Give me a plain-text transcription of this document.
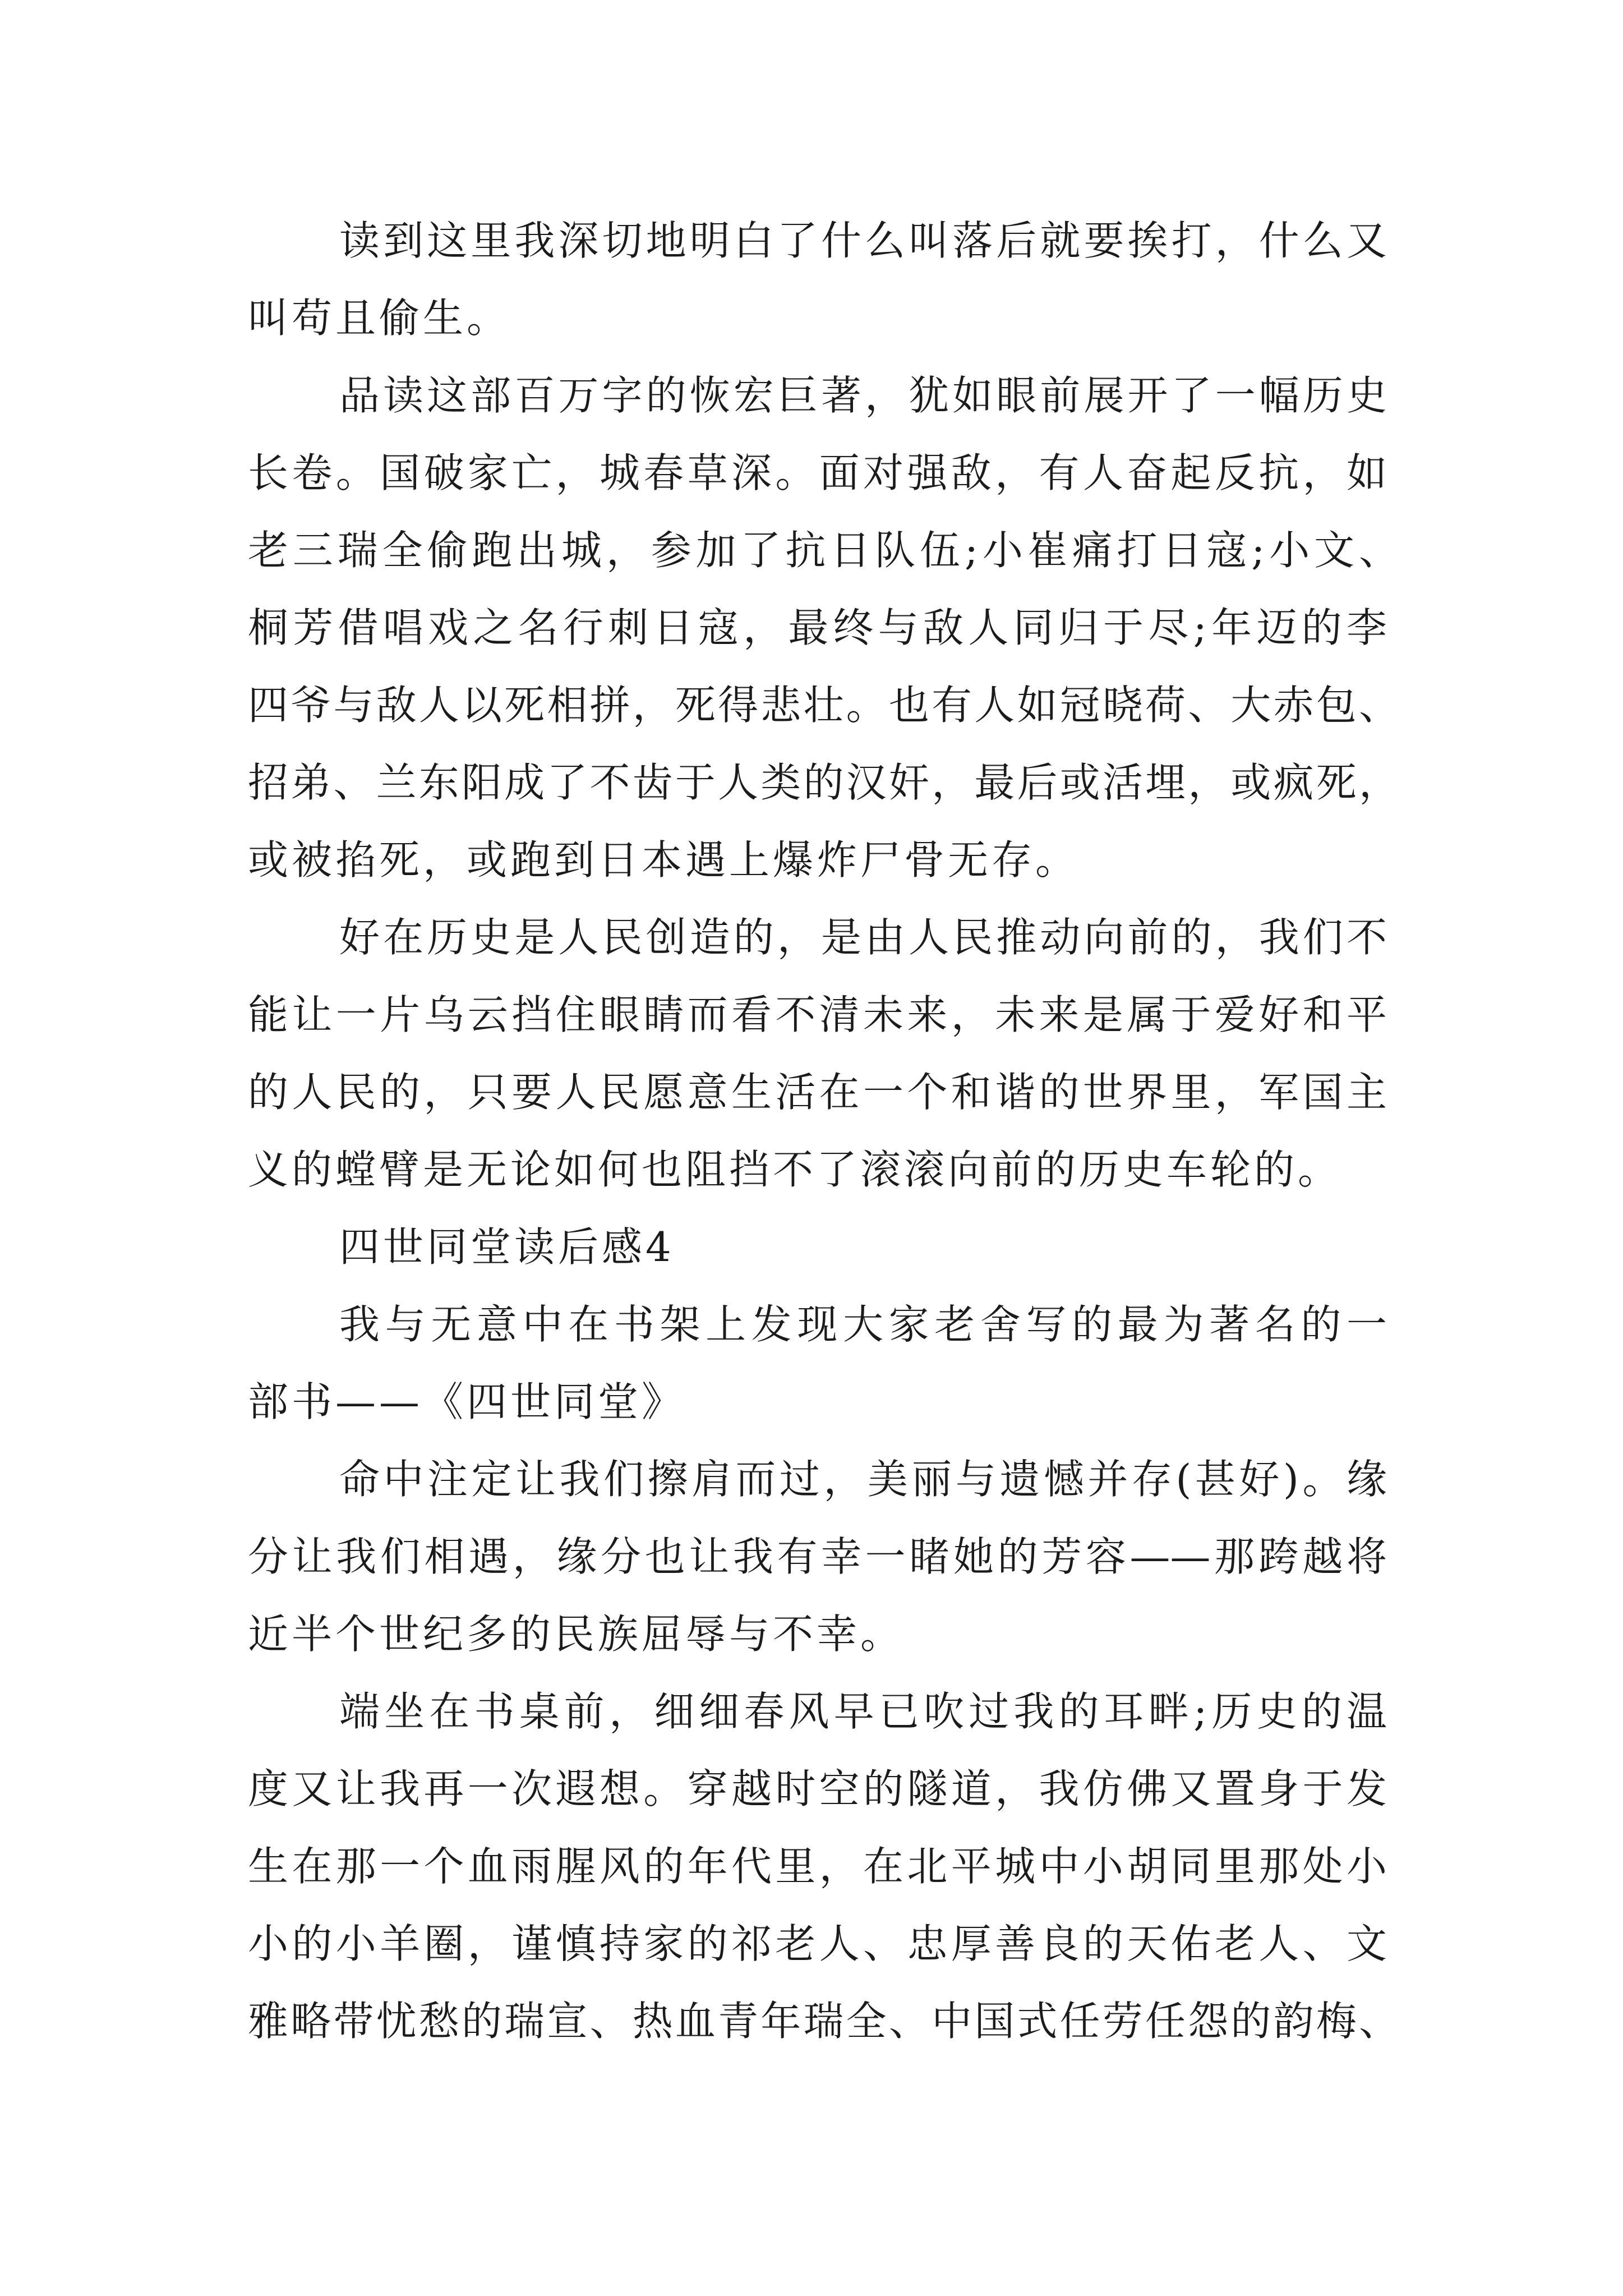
读到这里我深切地明白了什么叫落后就要挨打，什么又
叫苟且偷生。
品读这部百万字的恢宏巨著，犹如眼前展开了一幅历史
长卷。国破家亡，城春草深。面对强敌，有人奋起反抗，如
老三瑞全偷跑出城，参加了抗日队伍;小崔痛打日寇;小文、
桐芳借唱戏之名行刺日寇，最终与敌人同归于尽;年迈的李
四爷与敌人以死相拼，死得悲壮。也有人如冠晓荷、大赤包、
招弟、兰东阳成了不齿于人类的汉奸，最后或活埋，或疯死，
或被掐死，或跑到日本遇上爆炸尸骨无存。
好在历史是人民创造的，是由人民推动向前的，我们不
能让一片乌云挡住眼睛而看不清未来，未来是属于爱好和平
的人民的，只要人民愿意生活在一个和谐的世界里，军国主
义的螳臂是无论如何也阻挡不了滚滚向前的历史车轮的。
四世同堂读后感4
我与无意中在书架上发现大家老舍写的最为著名的一
部书——《四世同堂》
命中注定让我们擦肩而过，美丽与遗憾并存(甚好)。缘
分让我们相遇，缘分也让我有幸一睹她的芳容——那跨越将
近半个世纪多的民族屈辱与不幸。
端坐在书桌前，细细春风早已吹过我的耳畔;历史的温
度又让我再一次遐想。穿越时空的隧道，我仿佛又置身于发
生在那一个血雨腥风的年代里，在北平城中小胡同里那处小
小的小羊圈，谨慎持家的祁老人、忠厚善良的天佑老人、文
雅略带忧愁的瑞宣、热血青年瑞全、中国式任劳任怨的韵梅、
